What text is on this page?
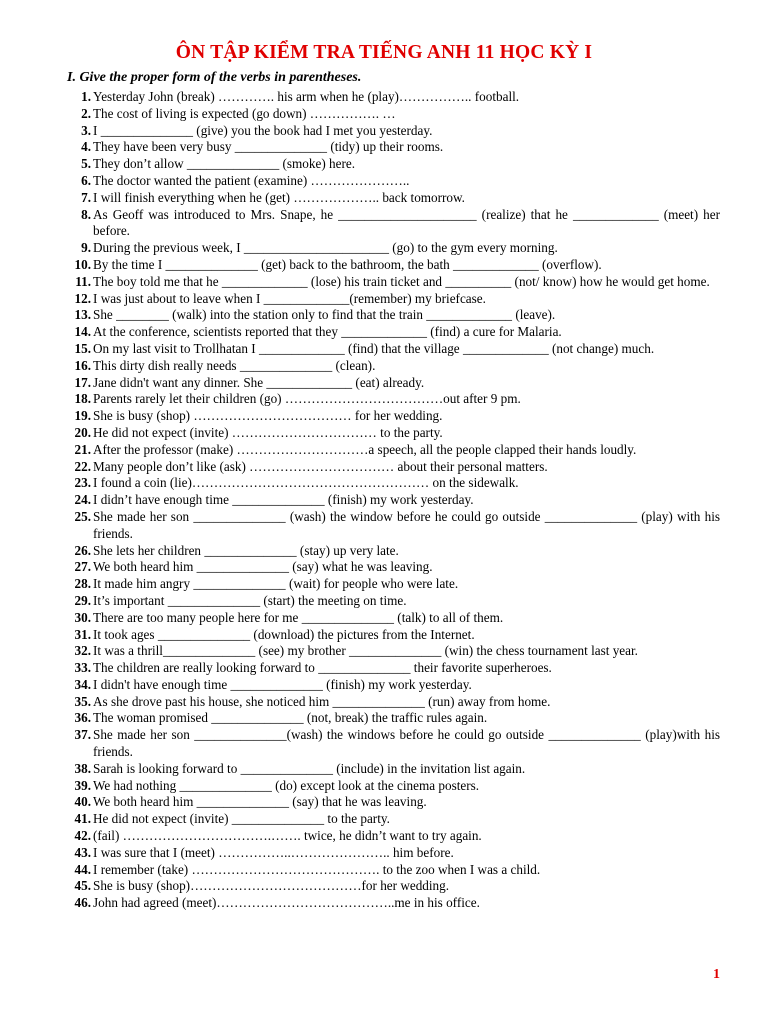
ÔN TẬP KIỂM TRA TIẾNG ANH 11 HỌC KỲ I
I. Give the proper form of the verbs in parentheses.
1. Yesterday John (break) …………. his arm when he (play)…………….. football.
2. The cost of living is expected (go down) ……………. …
3. I ______________ (give) you the book had I met you yesterday.
4. They have been very busy ______________ (tidy) up their rooms.
5. They don’t allow ______________ (smoke) here.
6. The doctor wanted the patient (examine) …………………..
7. I will finish everything when he (get) ……………….. back tomorrow.
8. As Geoff was introduced to Mrs. Snape, he _____________________ (realize) that he _____________ (meet) her before.
9. During the previous week, I ______________________ (go) to the gym every morning.
10. By the time I ______________ (get) back to the bathroom, the bath _____________ (overflow).
11. The boy told me that he _____________ (lose) his train ticket and __________ (not/ know) how he would get home.
12. I was just about to leave when I _____________(remember) my briefcase.
13. She ________ (walk) into the station only to find that the train _____________ (leave).
14. At the conference, scientists reported that they _____________ (find) a cure for Malaria.
15. On my last visit to Trollhatan I _____________ (find) that the village _____________ (not change) much.
16. This dirty dish really needs ______________ (clean).
17. Jane didn't want any dinner. She _____________ (eat) already.
18. Parents rarely let their children (go) ………………………………out after 9 pm.
19. She is busy (shop) ……………………………… for her wedding.
20. He did not expect (invite) …………………………… to the party.
21. After the professor (make) …………………………a speech, all the people clapped their hands loudly.
22. Many people don’t like (ask) …………………………… about their personal matters.
23. I found a coin (lie)……………………………………………… on the sidewalk.
24. I didn’t have enough time ______________ (finish) my work yesterday.
25. She made her son ______________ (wash) the window before he could go outside ______________ (play) with his friends.
26. She lets her children ______________ (stay) up very late.
27. We both heard him ______________ (say) what he was leaving.
28. It made him angry ______________ (wait) for people who were late.
29. It’s important ______________ (start) the meeting on time.
30. There are too many people here for me ______________ (talk) to all of them.
31. It took ages ______________ (download) the pictures from the Internet.
32. It was a thrill______________ (see) my brother ______________ (win) the chess tournament last year.
33. The children are really looking forward to ______________ their favorite superheroes.
34. I didn't have enough time ______________ (finish) my work yesterday.
35. As she drove past his house, she noticed him ______________ (run) away from home.
36. The woman promised ______________ (not, break) the traffic rules again.
37. She made her son ______________(wash) the windows before he could go outside ______________ (play)with his friends.
38. Sarah is looking forward to ______________ (include) in the invitation list again.
39. We had nothing ______________ (do) except look at the cinema posters.
40. We both heard him ______________ (say) that he was leaving.
41. He did not expect (invite) ______________ to the party.
42. (fail) …………………………….……. twice, he didn’t want to try again.
43. I was sure that I (meet) ……………..………………….. him before.
44. I remember (take) ……………………………………. to the zoo when I was a child.
45. She is busy (shop)…………………………………for her wedding.
46. John had agreed (meet)…………………………………..me in his office.
1
